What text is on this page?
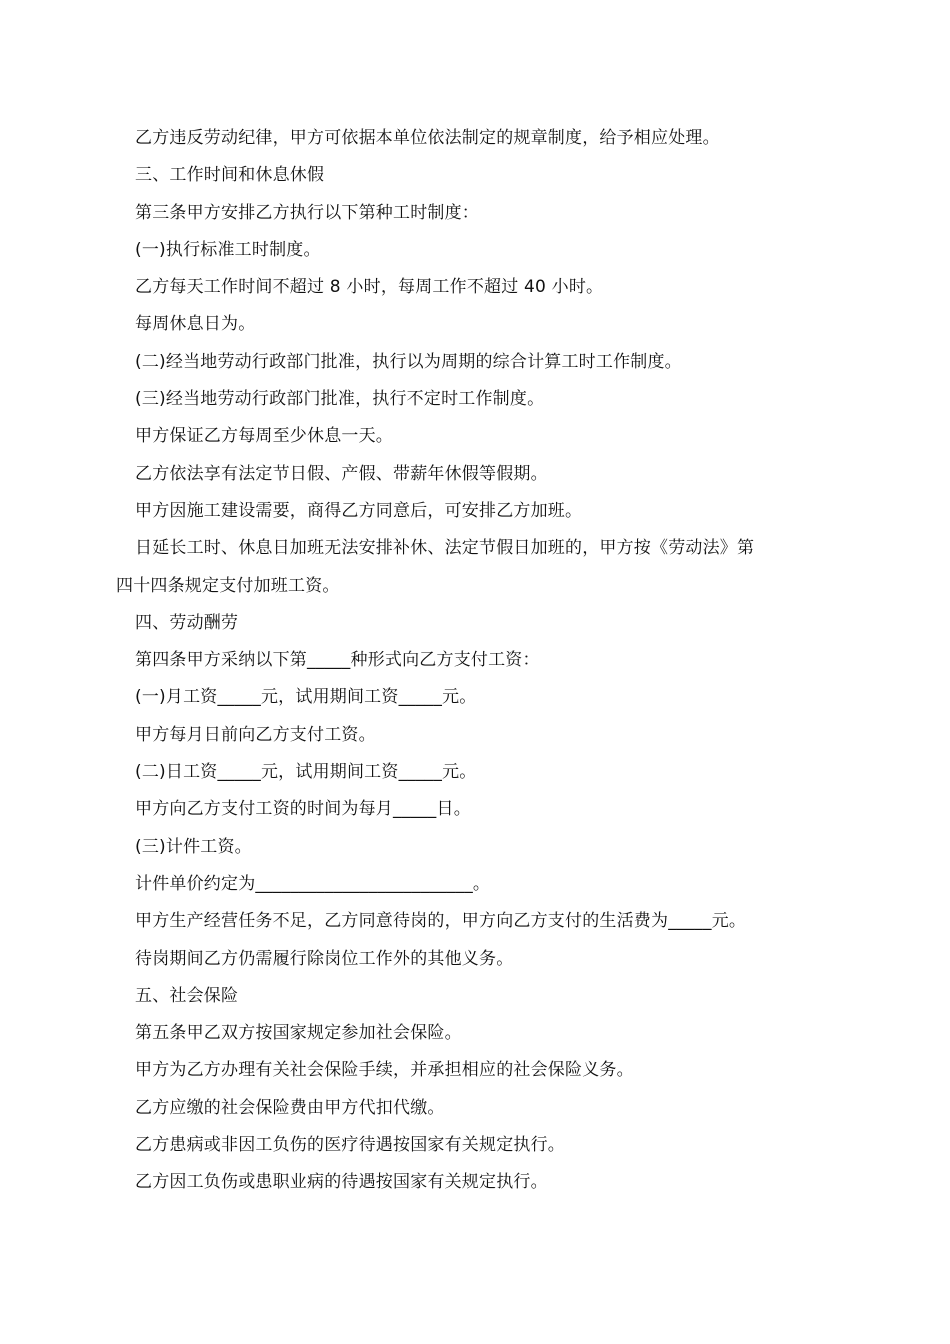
乙方违反劳动纪律，甲方可依据本单位依法制定的规章制度，给予相应处理。
三、工作时间和休息休假
第三条甲方安排乙方执行以下第种工时制度：
(一)执行标准工时制度。
乙方每天工作时间不超过 8 小时，每周工作不超过 40 小时。
每周休息日为。
(二)经当地劳动行政部门批准，执行以为周期的综合计算工时工作制度。
(三)经当地劳动行政部门批准，执行不定时工作制度。
甲方保证乙方每周至少休息一天。
乙方依法享有法定节日假、产假、带薪年休假等假期。
甲方因施工建设需要，商得乙方同意后，可安排乙方加班。
日延长工时、休息日加班无法安排补休、法定节假日加班的，甲方按《劳动法》第
四十四条规定支付加班工资。
四、劳动酬劳
第四条甲方采纳以下第_____种形式向乙方支付工资：
(一)月工资_____元，试用期间工资_____元。
甲方每月日前向乙方支付工资。
(二)日工资_____元，试用期间工资_____元。
甲方向乙方支付工资的时间为每月_____日。
(三)计件工资。
计件单价约定为_________________________。
甲方生产经营任务不足，乙方同意待岗的，甲方向乙方支付的生活费为_____元。
待岗期间乙方仍需履行除岗位工作外的其他义务。
五、社会保险
第五条甲乙双方按国家规定参加社会保险。
甲方为乙方办理有关社会保险手续，并承担相应的社会保险义务。
乙方应缴的社会保险费由甲方代扣代缴。
乙方患病或非因工负伤的医疗待遇按国家有关规定执行。
乙方因工负伤或患职业病的待遇按国家有关规定执行。
